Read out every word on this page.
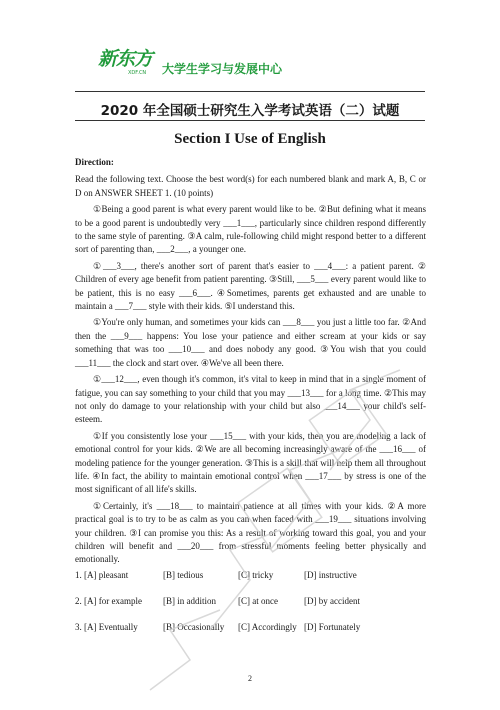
新东方
XDF.CN 大学生学习与发展中心
2020 年全国硕士研究生入学考试英语（二）试题
Section I Use of English
Direction:

Read the following text. Choose the best word(s) for each numbered blank and mark A, B, C or D on ANSWER SHEET 1. (10 points)

①Being a good parent is what every parent would like to be. ②But defining what it means to be a good parent is undoubtedly very ___1___, particularly since children respond differently to the same style of parenting. ③A calm, rule-following child might respond better to a different sort of parenting than, ___2___, a younger one.

①___3___, there's another sort of parent that's easier to ___4___: a patient parent. ② Children of every age benefit from patient parenting. ③Still, ___5___ every parent would like to be patient, this is no easy ___6___. ④Sometimes, parents get exhausted and are unable to maintain a ___7___ style with their kids. ⑤I understand this.

①You're only human, and sometimes your kids can ___8___ you just a little too far. ②And then the ___9___ happens: You lose your patience and either scream at your kids or say something that was too ___10___ and does nobody any good. ③You wish that you could ___11___ the clock and start over. ④We've all been there.

①___12___, even though it's common, it's vital to keep in mind that in a single moment of fatigue, you can say something to your child that you may ___13___ for a long time. ②This may not only do damage to your relationship with your child but also ___14___ your child's self-esteem.

①If you consistently lose your ___15___ with your kids, then you are modeling a lack of emotional control for your kids. ②We are all becoming increasingly aware of the ___16___ of modeling patience for the younger generation. ③This is a skill that will help them all throughout life. ④In fact, the ability to maintain emotional control when ___17___ by stress is one of the most significant of all life's skills.

①Certainly, it's ___18___ to maintain patience at all times with your kids. ②A more practical goal is to try to be as calm as you can when faced with ___19___ situations involving your children. ③I can promise you this: As a result of working toward this goal, you and your children will benefit and ___20___ from stressful moments feeling better physically and emotionally.

1. [A] pleasant	[B] tedious	[C] tricky	[D] instructive
2. [A] for example	[B] in addition	[C] at once	[D] by accident
3. [A] Eventually	[B] Occasionally	[C] Accordingly	[D] Fortunately
2
